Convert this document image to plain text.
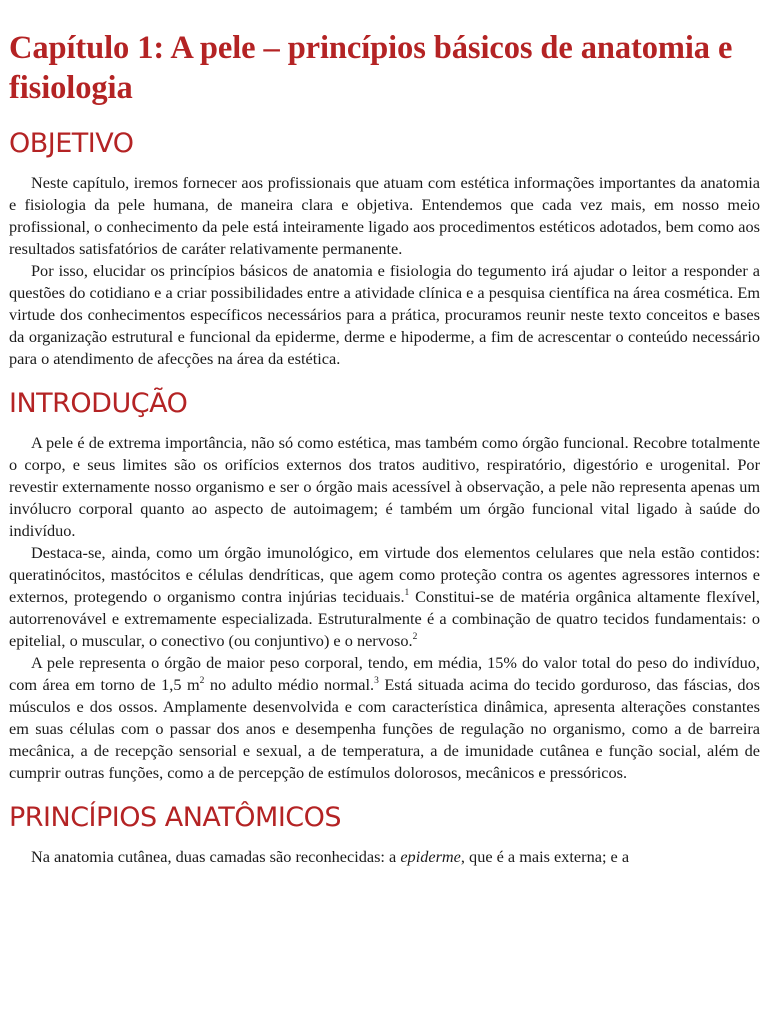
Capítulo 1: A pele – princípios básicos de anatomia e fisiologia
OBJETIVO

Neste capítulo, iremos fornecer aos profissionais que atuam com estética informações importantes da anatomia e fisiologia da pele humana, de maneira clara e objetiva. Entendemos que cada vez mais, em nosso meio profissional, o conhecimento da pele está inteiramente ligado aos procedimentos estéticos adotados, bem como aos resultados satisfatórios de caráter relativamente permanente.

Por isso, elucidar os princípios básicos de anatomia e fisiologia do tegumento irá ajudar o leitor a responder a questões do cotidiano e a criar possibilidades entre a atividade clínica e a pesquisa científica na área cosmética. Em virtude dos conhecimentos específicos necessários para a prática, procuramos reunir neste texto conceitos e bases da organização estrutural e funcional da epiderme, derme e hipoderme, a fim de acrescentar o conteúdo necessário para o atendimento de afecções na área da estética.

INTRODUÇÃO

A pele é de extrema importância, não só como estética, mas também como órgão funcional. Recobre totalmente o corpo, e seus limites são os orifícios externos dos tratos auditivo, respiratório, digestório e urogenital. Por revestir externamente nosso organismo e ser o órgão mais acessível à observação, a pele não representa apenas um invólucro corporal quanto ao aspecto de autoimagem; é também um órgão funcional vital ligado à saúde do indivíduo.

Destaca-se, ainda, como um órgão imunológico, em virtude dos elementos celulares que nela estão contidos: queratinócitos, mastócitos e células dendríticas, que agem como proteção contra os agentes agressores internos e externos, protegendo o organismo contra injúrias teciduais.$^1$ Constitui-se de matéria orgânica altamente flexível, autorrenovável e extremamente especializada. Estruturalmente é a combinação de quatro tecidos fundamentais: o epitelial, o muscular, o conectivo (ou conjuntivo) e o nervoso.$^2$

A pele representa o órgão de maior peso corporal, tendo, em média, 15% do valor total do peso do indivíduo, com área em torno de 1,5 $m^2$ no adulto médio normal.$^3$ Está situada acima do tecido gorduroso, das fáscias, dos músculos e dos ossos. Amplamente desenvolvida e com característica dinâmica, apresenta alterações constantes em suas células com o passar dos anos e desempenha funções de regulação no organismo, como a de barreira mecânica, a de recepção sensorial e sexual, a de temperatura, a de imunidade cutânea e função social, além de cumprir outras funções, como a de percepção de estímulos dolorosos, mecânicos e pressóricos.

PRINCÍPIOS ANATÔMICOS

Na anatomia cutânea, duas camadas são reconhecidas: a epiderme, que é a mais externa; e a
